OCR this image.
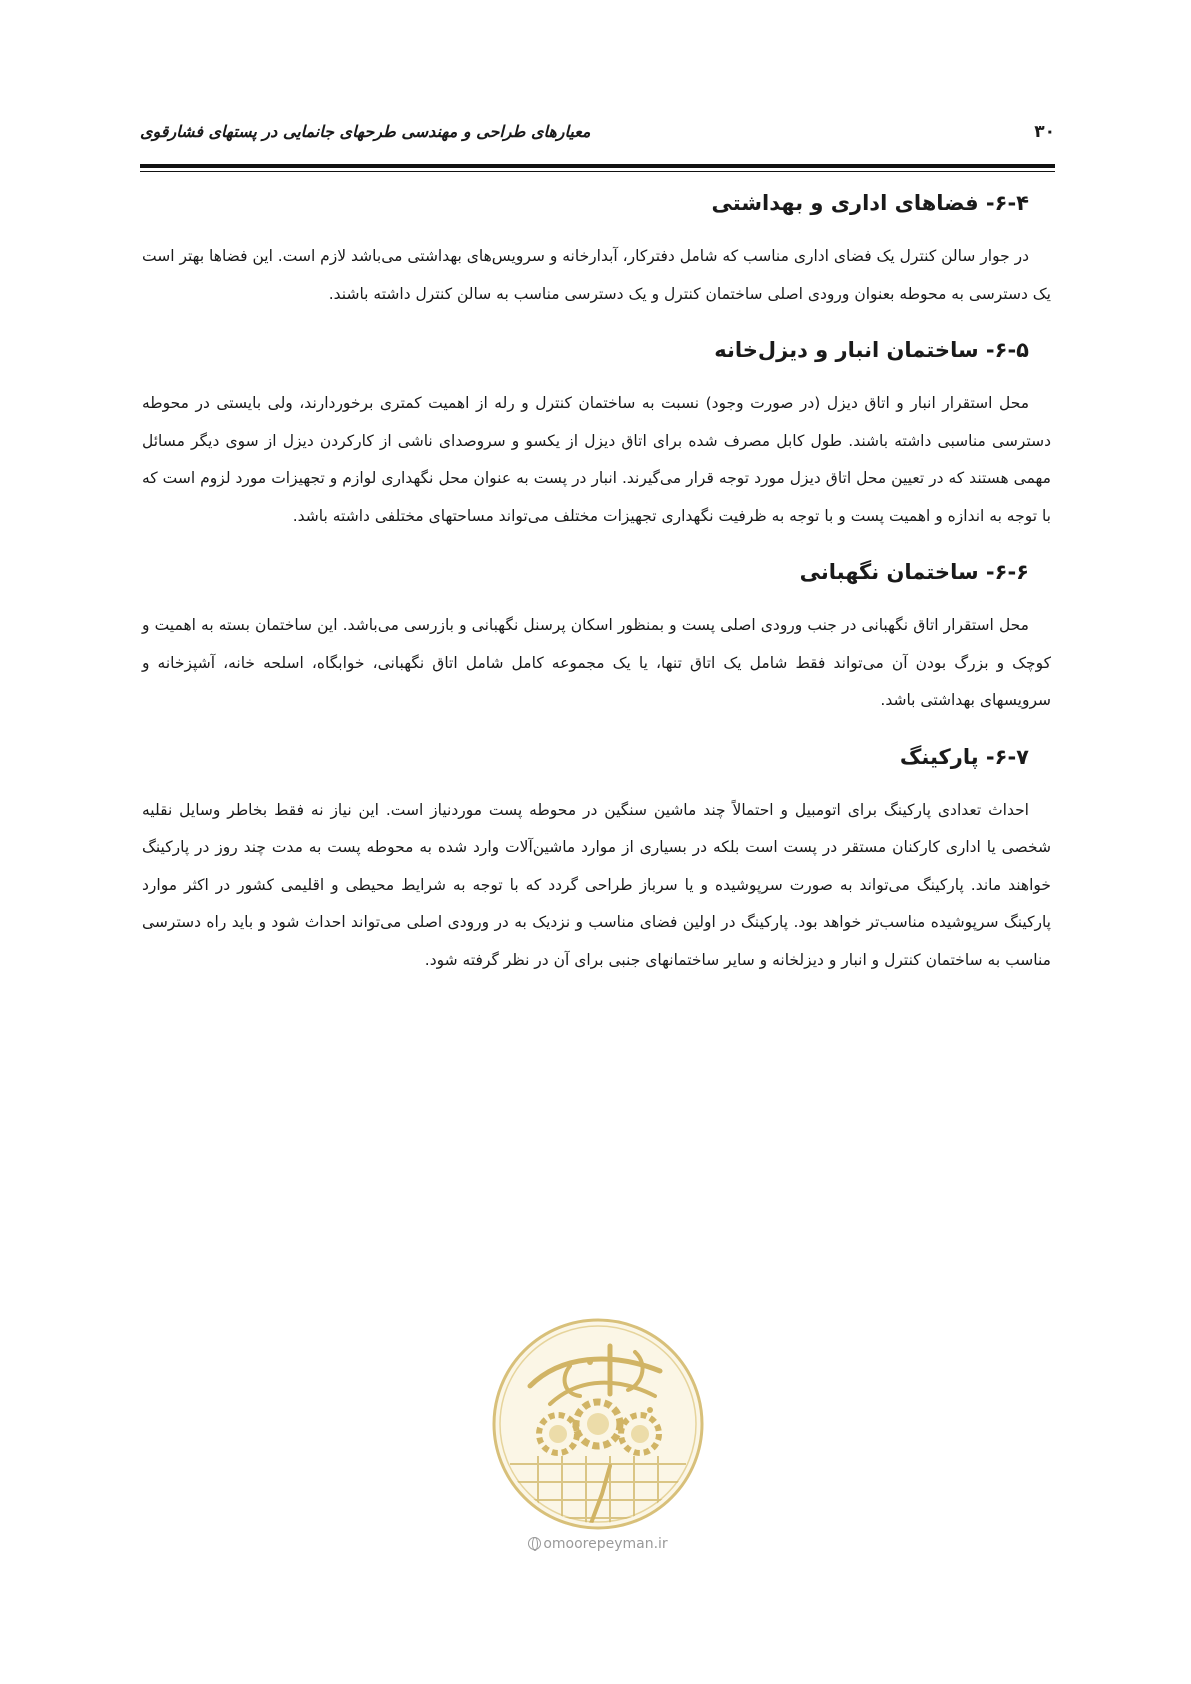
۳۰
معیارهای طراحی و مهندسی طرحهای جانمایی در پستهای فشارقوی
۶-۴- فضاهای اداری و بهداشتی

در جوار سالن کنترل یک فضای اداری مناسب که شامل دفترکار، آبدارخانه و سرویس‌های بهداشتی می‌باشد لازم است. این فضاها بهتر است یک دسترسی به محوطه بعنوان ورودی اصلی ساختمان کنترل و یک دسترسی مناسب به سالن کنترل داشته باشند.

۶-۵- ساختمان انبار و دیزل‌خانه

محل استقرار انبار و اتاق دیزل (در صورت وجود) نسبت به ساختمان کنترل و رله از اهمیت کمتری برخوردارند، ولی بایستی در محوطه دسترسی مناسبی داشته باشند. طول کابل مصرف شده برای اتاق دیزل از یکسو و سروصدای ناشی از کارکردن دیزل از سوی دیگر مسائل مهمی هستند که در تعیین محل اتاق دیزل مورد توجه قرار می‌گیرند. انبار در پست به عنوان محل نگهداری لوازم و تجهیزات مورد لزوم است که با توجه به اندازه و اهمیت پست و با توجه به ظرفیت نگهداری تجهیزات مختلف می‌تواند مساحتهای مختلفی داشته باشد.

۶-۶- ساختمان نگهبانی

محل استقرار اتاق نگهبانی در جنب ورودی اصلی پست و بمنظور اسکان پرسنل نگهبانی و بازرسی می‌باشد. این ساختمان بسته به اهمیت و کوچک و بزرگ بودن آن می‌تواند فقط شامل یک اتاق تنها، یا یک مجموعه کامل شامل اتاق نگهبانی، خوابگاه، اسلحه خانه، آشپزخانه و سرویسهای بهداشتی باشد.

۶-۷- پارکینگ

احداث تعدادی پارکینگ برای اتومبیل و احتمالاً چند ماشین سنگین در محوطه پست موردنیاز است. این نیاز نه فقط بخاطر وسایل نقلیه شخصی یا اداری کارکنان مستقر در پست است بلکه در بسیاری از موارد ماشین‌آلات وارد شده به محوطه پست به مدت چند روز در پارکینگ خواهند ماند. پارکینگ می‌تواند به صورت سرپوشیده و یا سرباز طراحی گردد که با توجه به شرایط محیطی و اقلیمی کشور در اکثر موارد پارکینگ سرپوشیده مناسب‌تر خواهد بود. پارکینگ در اولین فضای مناسب و نزدیک به در ورودی اصلی می‌تواند احداث شود و باید راه دسترسی مناسب به ساختمان کنترل و انبار و دیزلخانه و سایر ساختمانهای جنبی برای آن در نظر گرفته شود.

omoorepeyman.ir
